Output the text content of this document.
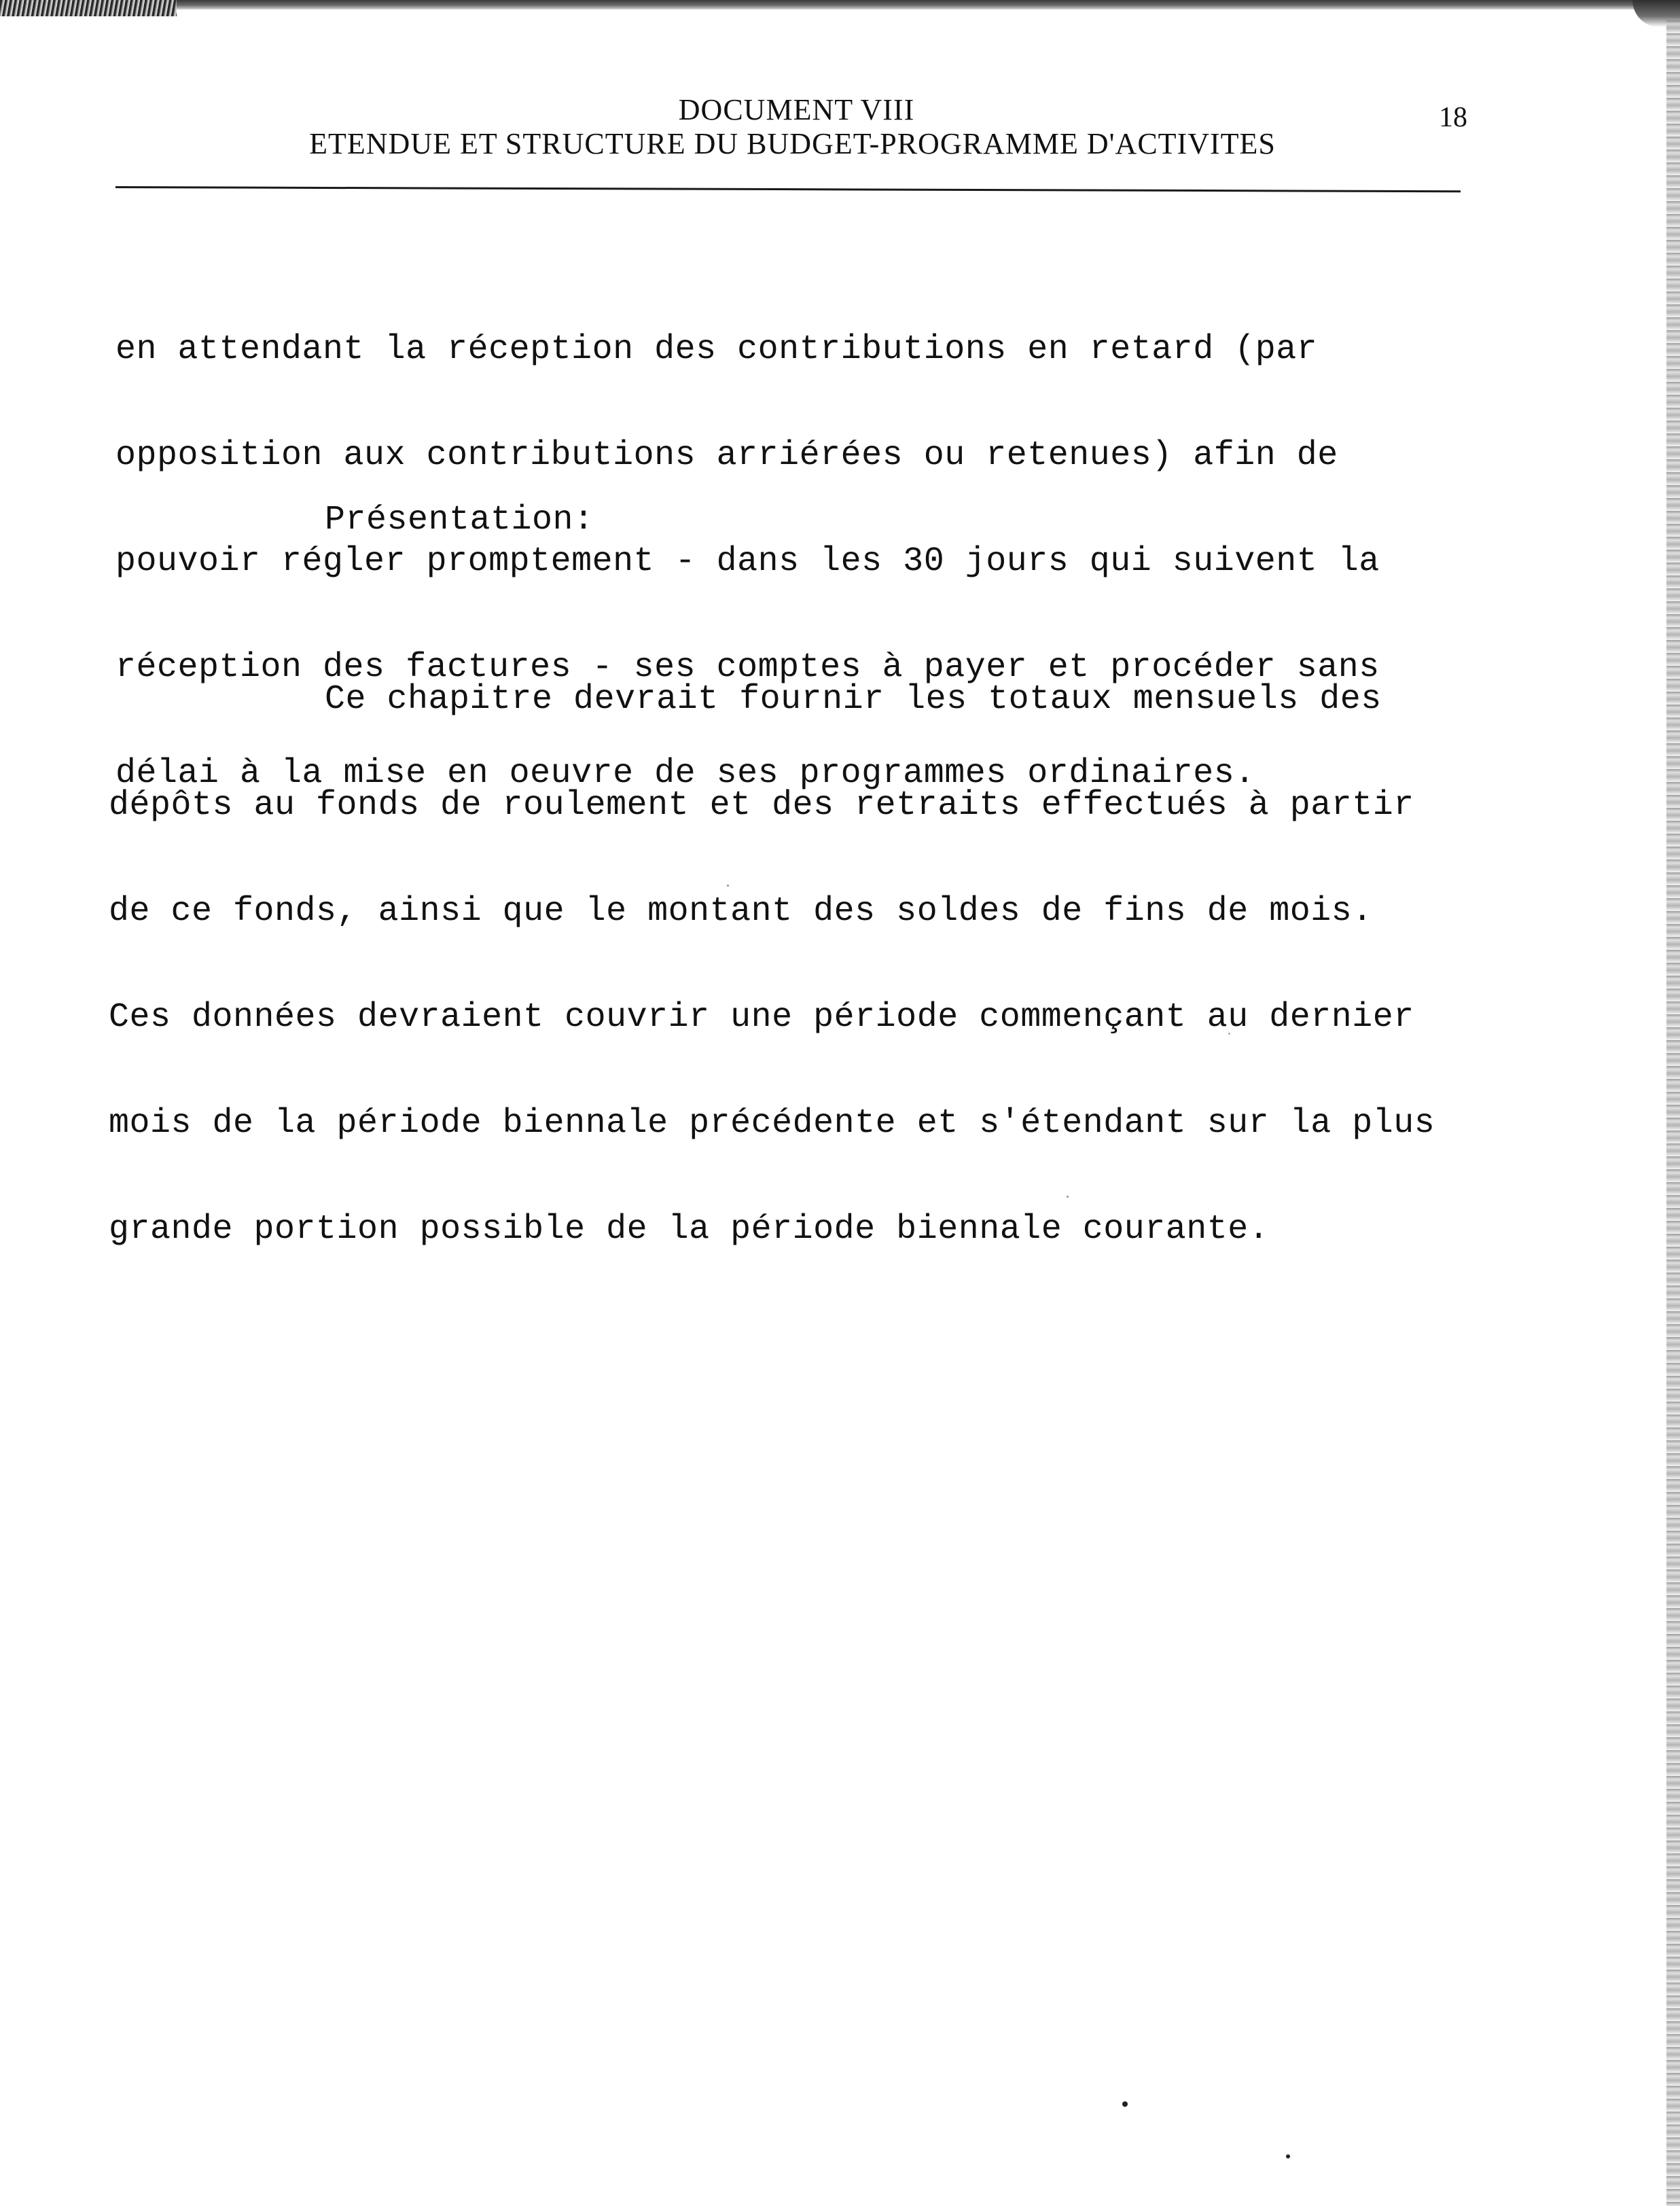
DOCUMENT VIII
ETENDUE ET STRUCTURE DU BUDGET-PROGRAMME D'ACTIVITES
18

en attendant la réception des contributions en retard (par

opposition aux contributions arriérées ou retenues) afin de

pouvoir régler promptement - dans les 30 jours qui suivent la

réception des factures - ses comptes à payer et procéder sans

délai à la mise en oeuvre de ses programmes ordinaires.

Présentation:

Ce chapitre devrait fournir les totaux mensuels des

dépôts au fonds de roulement et des retraits effectués à partir

de ce fonds, ainsi que le montant des soldes de fins de mois.

Ces données devraient couvrir une période commençant au dernier

mois de la période biennale précédente et s'étendant sur la plus

grande portion possible de la période biennale courante.
